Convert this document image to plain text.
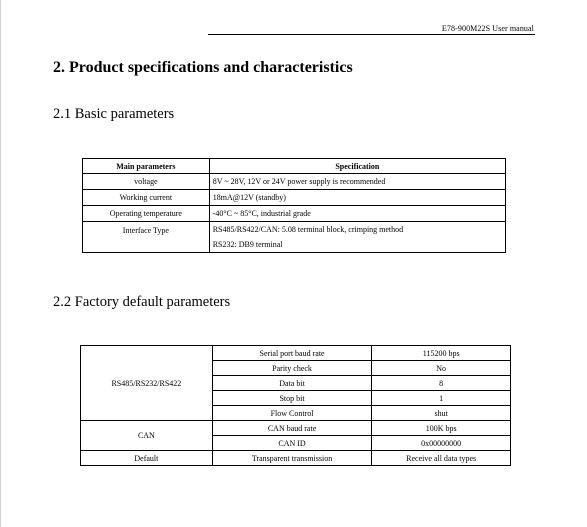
E78-900M22S User manual
2. Product specifications and characteristics
2.1 Basic parameters
Main parameters	Specification
voltage	8V ~ 28V, 12V or 24V power supply is recommended
Working current	18mA@12V (standby)
Operating temperature	-40°C ~ 85°C, industrial grade

Interface Type	RS485/RS422/CAN: 5.08 terminal block, crimping method
RS232: DB9 terminal
2.2 Factory default parameters
RS485/RS232/RS422	Serial port baud rate	115200 bps
	Parity check	No
	Data bit	8
	Stop bit	1
	Flow Control	shut
CAN	CAN baud rate	100K bps
	CAN ID	0x00000000
Default	Transparent transmission	Receive all data types
